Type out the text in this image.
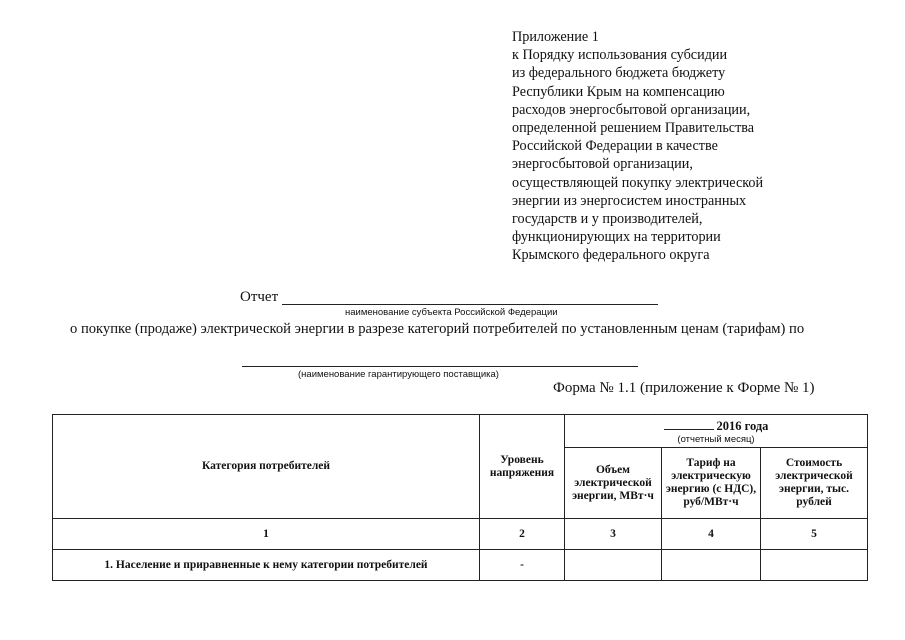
Приложение 1
к Порядку использования субсидии
из федерального бюджета бюджету
Республики Крым на компенсацию
расходов энергосбытовой организации,
определенной решением Правительства
Российской Федерации в качестве
энергосбытовой организации,
осуществляющей покупку электрической
энергии из энергосистем иностранных
государств и у производителей,
функционирующих на территории
Крымского федерального округа
Отчет
наименование субъекта Российской Федерации
о покупке (продаже) электрической энергии в разрезе категорий потребителей по установленным ценам (тарифам) по
(наименование гарантирующего поставщика)
Форма № 1.1 (приложение к Форме № 1)
Категория потребителей	Уровень напряжения	2016 года
(отчетный месяц)		

		Объем электрической энергии, МВт·ч	Тариф на электрическую энергию (с НДС), руб/МВт·ч	Стоимость электрической энергии, тыс. рублей
1	2	3	4	5
1. Население и приравненные к нему категории потребителей	-			
